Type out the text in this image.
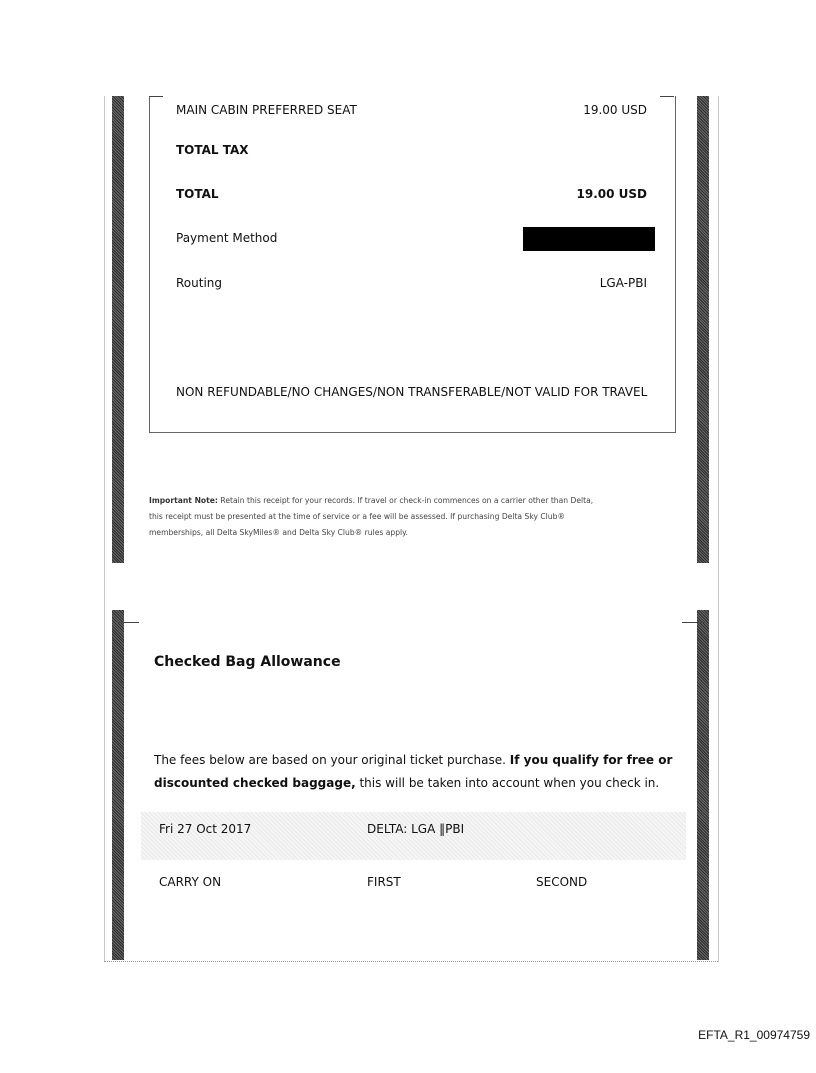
MAIN CABIN PREFERRED SEAT	19.00 USD
TOTAL TAX
TOTAL	19.00 USD
Payment Method
Routing	LGA-PBI
NON REFUNDABLE/NO CHANGES/NON TRANSFERABLE/NOT VALID FOR TRAVEL
Important Note: Retain this receipt for your records. If travel or check-in commences on a carrier other than Delta,
this receipt must be presented at the time of service or a fee will be assessed. If purchasing Delta Sky Club®
memberships, all Delta SkyMiles® and Delta Sky Club® rules apply.
Checked Bag Allowance
The fees below are based on your original ticket purchase. If you qualify for free or
discounted checked baggage, this will be taken into account when you check in.
Fri 27 Oct 2017	DELTA: LGA ‖PBI
CARRY ON	FIRST	SECOND
EFTA_R1_00974759
